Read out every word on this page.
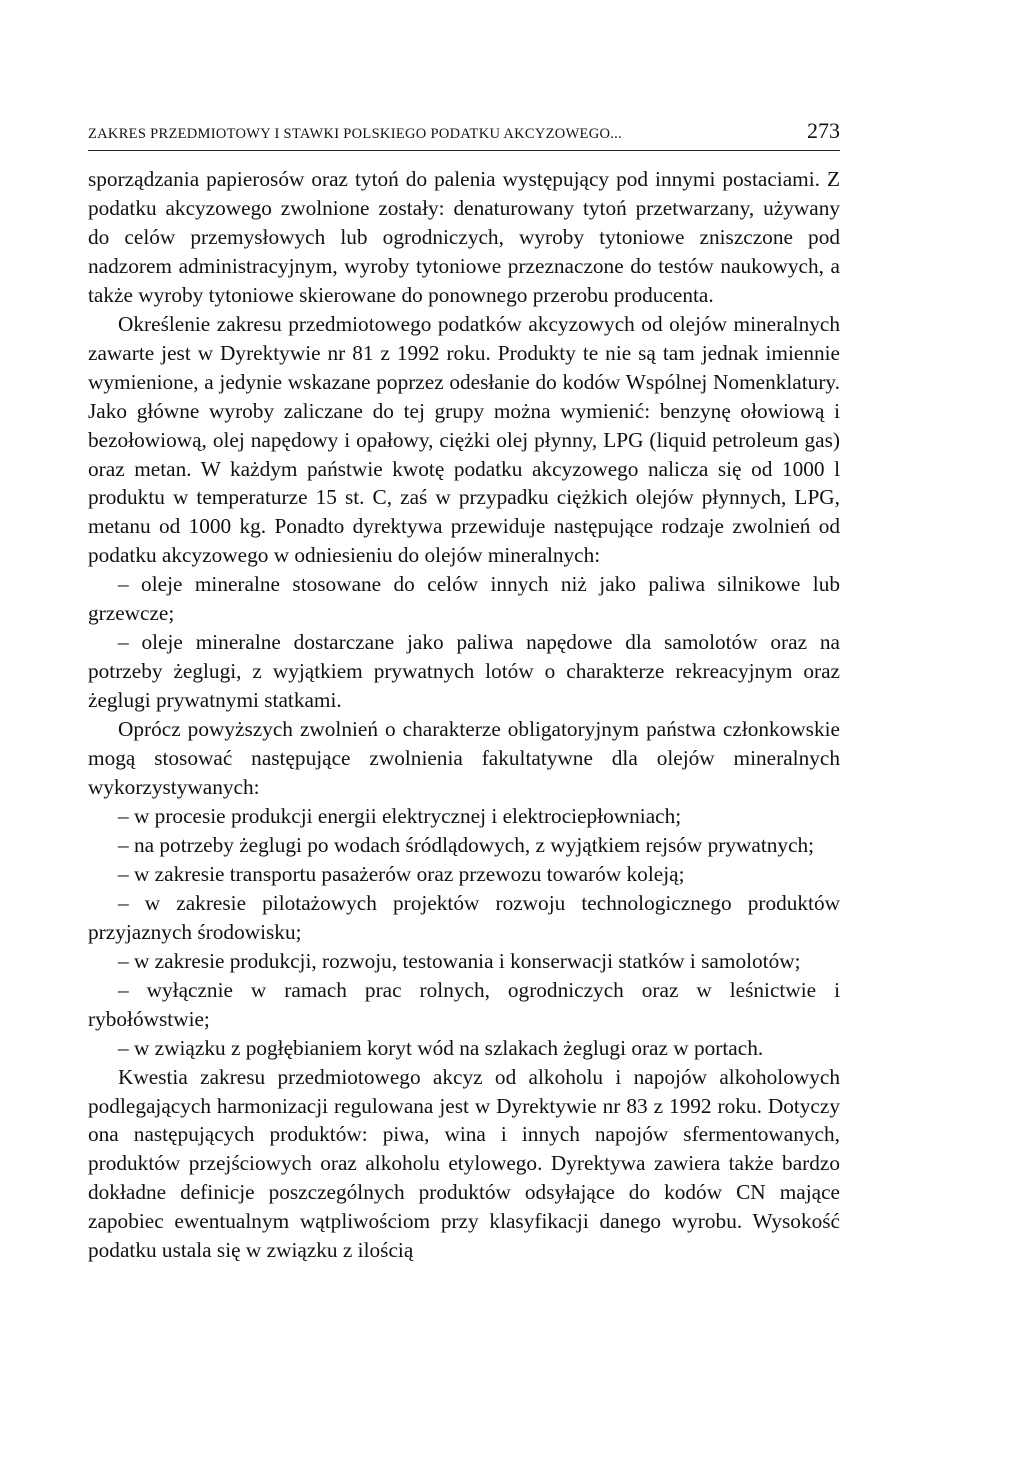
ZAKRES PRZEDMIOTOWY I STAWKI POLSKIEGO PODATKU AKCYZOWEGO...	273

sporządzania papierosów oraz tytoń do palenia występujący pod innymi postaciami. Z podatku akcyzowego zwolnione zostały: denaturowany tytoń przetwarzany, używany do celów przemysłowych lub ogrodniczych, wyroby tytoniowe zniszczone pod nadzorem administracyjnym, wyroby tytoniowe przeznaczone do testów naukowych, a także wyroby tytoniowe skierowane do ponownego przerobu producenta.

Określenie zakresu przedmiotowego podatków akcyzowych od olejów mineralnych zawarte jest w Dyrektywie nr 81 z 1992 roku. Produkty te nie są tam jednak imiennie wymienione, a jedynie wskazane poprzez odesłanie do kodów Wspólnej Nomenklatury. Jako główne wyroby zaliczane do tej grupy można wymienić: benzynę ołowiową i bezołowiową, olej napędowy i opałowy, ciężki olej płynny, LPG (liquid petroleum gas) oraz metan. W każdym państwie kwotę podatku akcyzowego nalicza się od 1000 l produktu w temperaturze 15 st. C, zaś w przypadku ciężkich olejów płynnych, LPG, metanu od 1000 kg. Ponadto dyrektywa przewiduje następujące rodzaje zwolnień od podatku akcyzowego w odniesieniu do olejów mineralnych:

– oleje mineralne stosowane do celów innych niż jako paliwa silnikowe lub grzewcze;

– oleje mineralne dostarczane jako paliwa napędowe dla samolotów oraz na potrzeby żeglugi, z wyjątkiem prywatnych lotów o charakterze rekreacyjnym oraz żeglugi prywatnymi statkami.

Oprócz powyższych zwolnień o charakterze obligatoryjnym państwa członkowskie mogą stosować następujące zwolnienia fakultatywne dla olejów mineralnych wykorzystywanych:

– w procesie produkcji energii elektrycznej i elektrociepłowniach;

– na potrzeby żeglugi po wodach śródlądowych, z wyjątkiem rejsów prywatnych;

– w zakresie transportu pasażerów oraz przewozu towarów koleją;

– w zakresie pilotażowych projektów rozwoju technologicznego produktów przyjaznych środowisku;

– w zakresie produkcji, rozwoju, testowania i konserwacji statków i samolotów;

– wyłącznie w ramach prac rolnych, ogrodniczych oraz w leśnictwie i rybołówstwie;

– w związku z pogłębianiem koryt wód na szlakach żeglugi oraz w portach.

Kwestia zakresu przedmiotowego akcyz od alkoholu i napojów alkoholowych podlegających harmonizacji regulowana jest w Dyrektywie nr 83 z 1992 roku. Dotyczy ona następujących produktów: piwa, wina i innych napojów sfermentowanych, produktów przejściowych oraz alkoholu etylowego. Dyrektywa zawiera także bardzo dokładne definicje poszczególnych produktów odsyłające do kodów CN mające zapobiec ewentualnym wątpliwościom przy klasyfikacji danego wyrobu. Wysokość podatku ustala się w związku z ilością
